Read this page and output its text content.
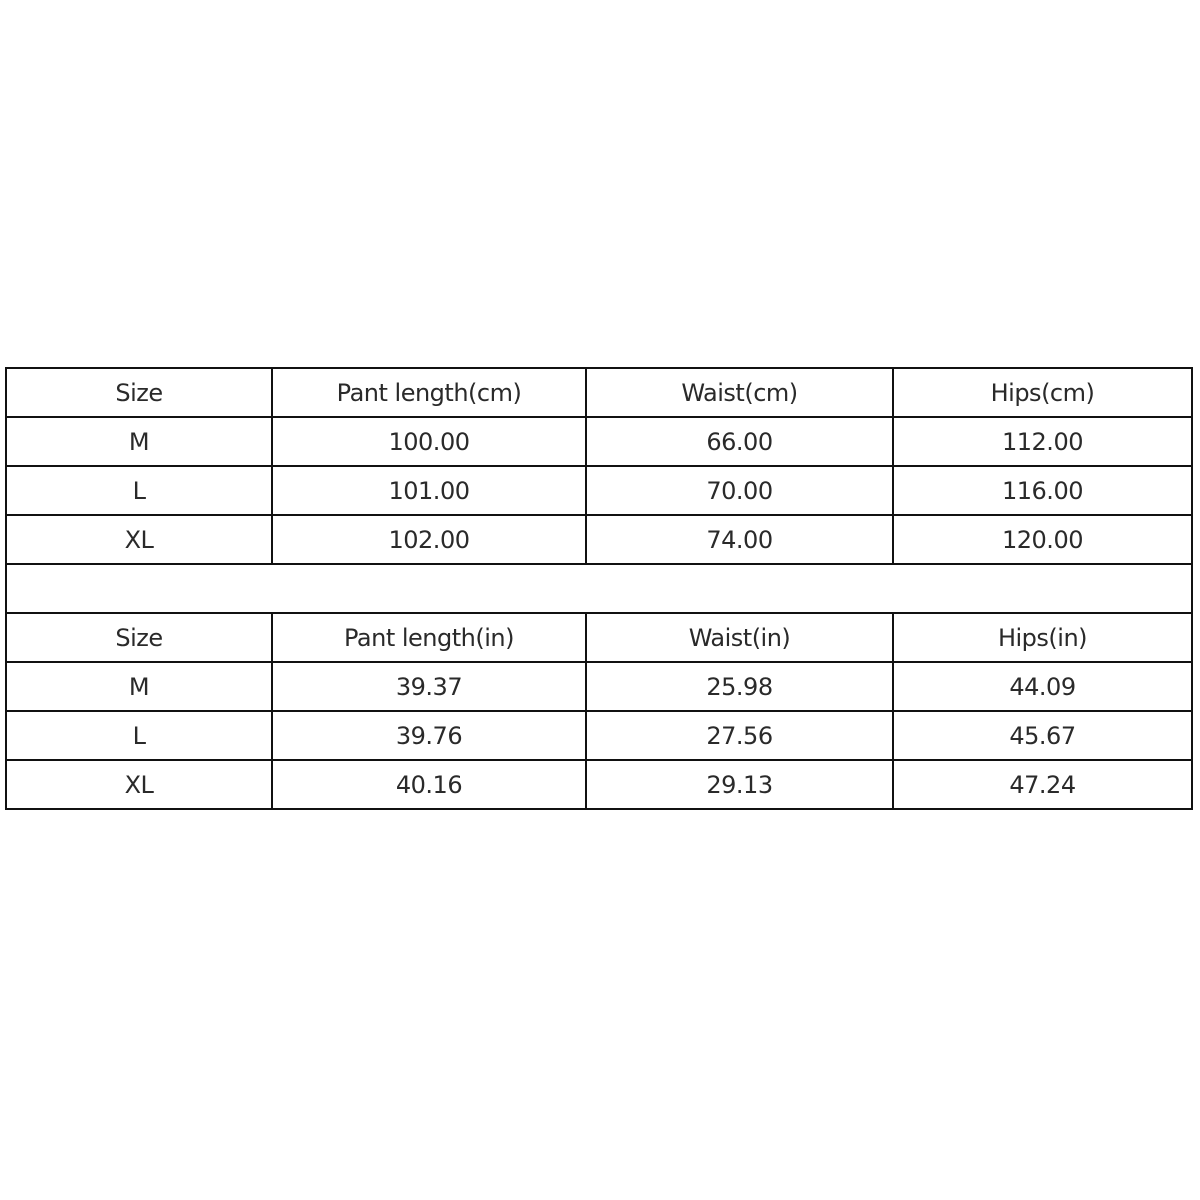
Size	Pant length(cm)	Waist(cm)	Hips(cm)
M	100.00	66.00	112.00
L	101.00	70.00	116.00
XL	102.00	74.00	120.00

Size	Pant length(in)	Waist(in)	Hips(in)
M	39.37	25.98	44.09
L	39.76	27.56	45.67
XL	40.16	29.13	47.24
